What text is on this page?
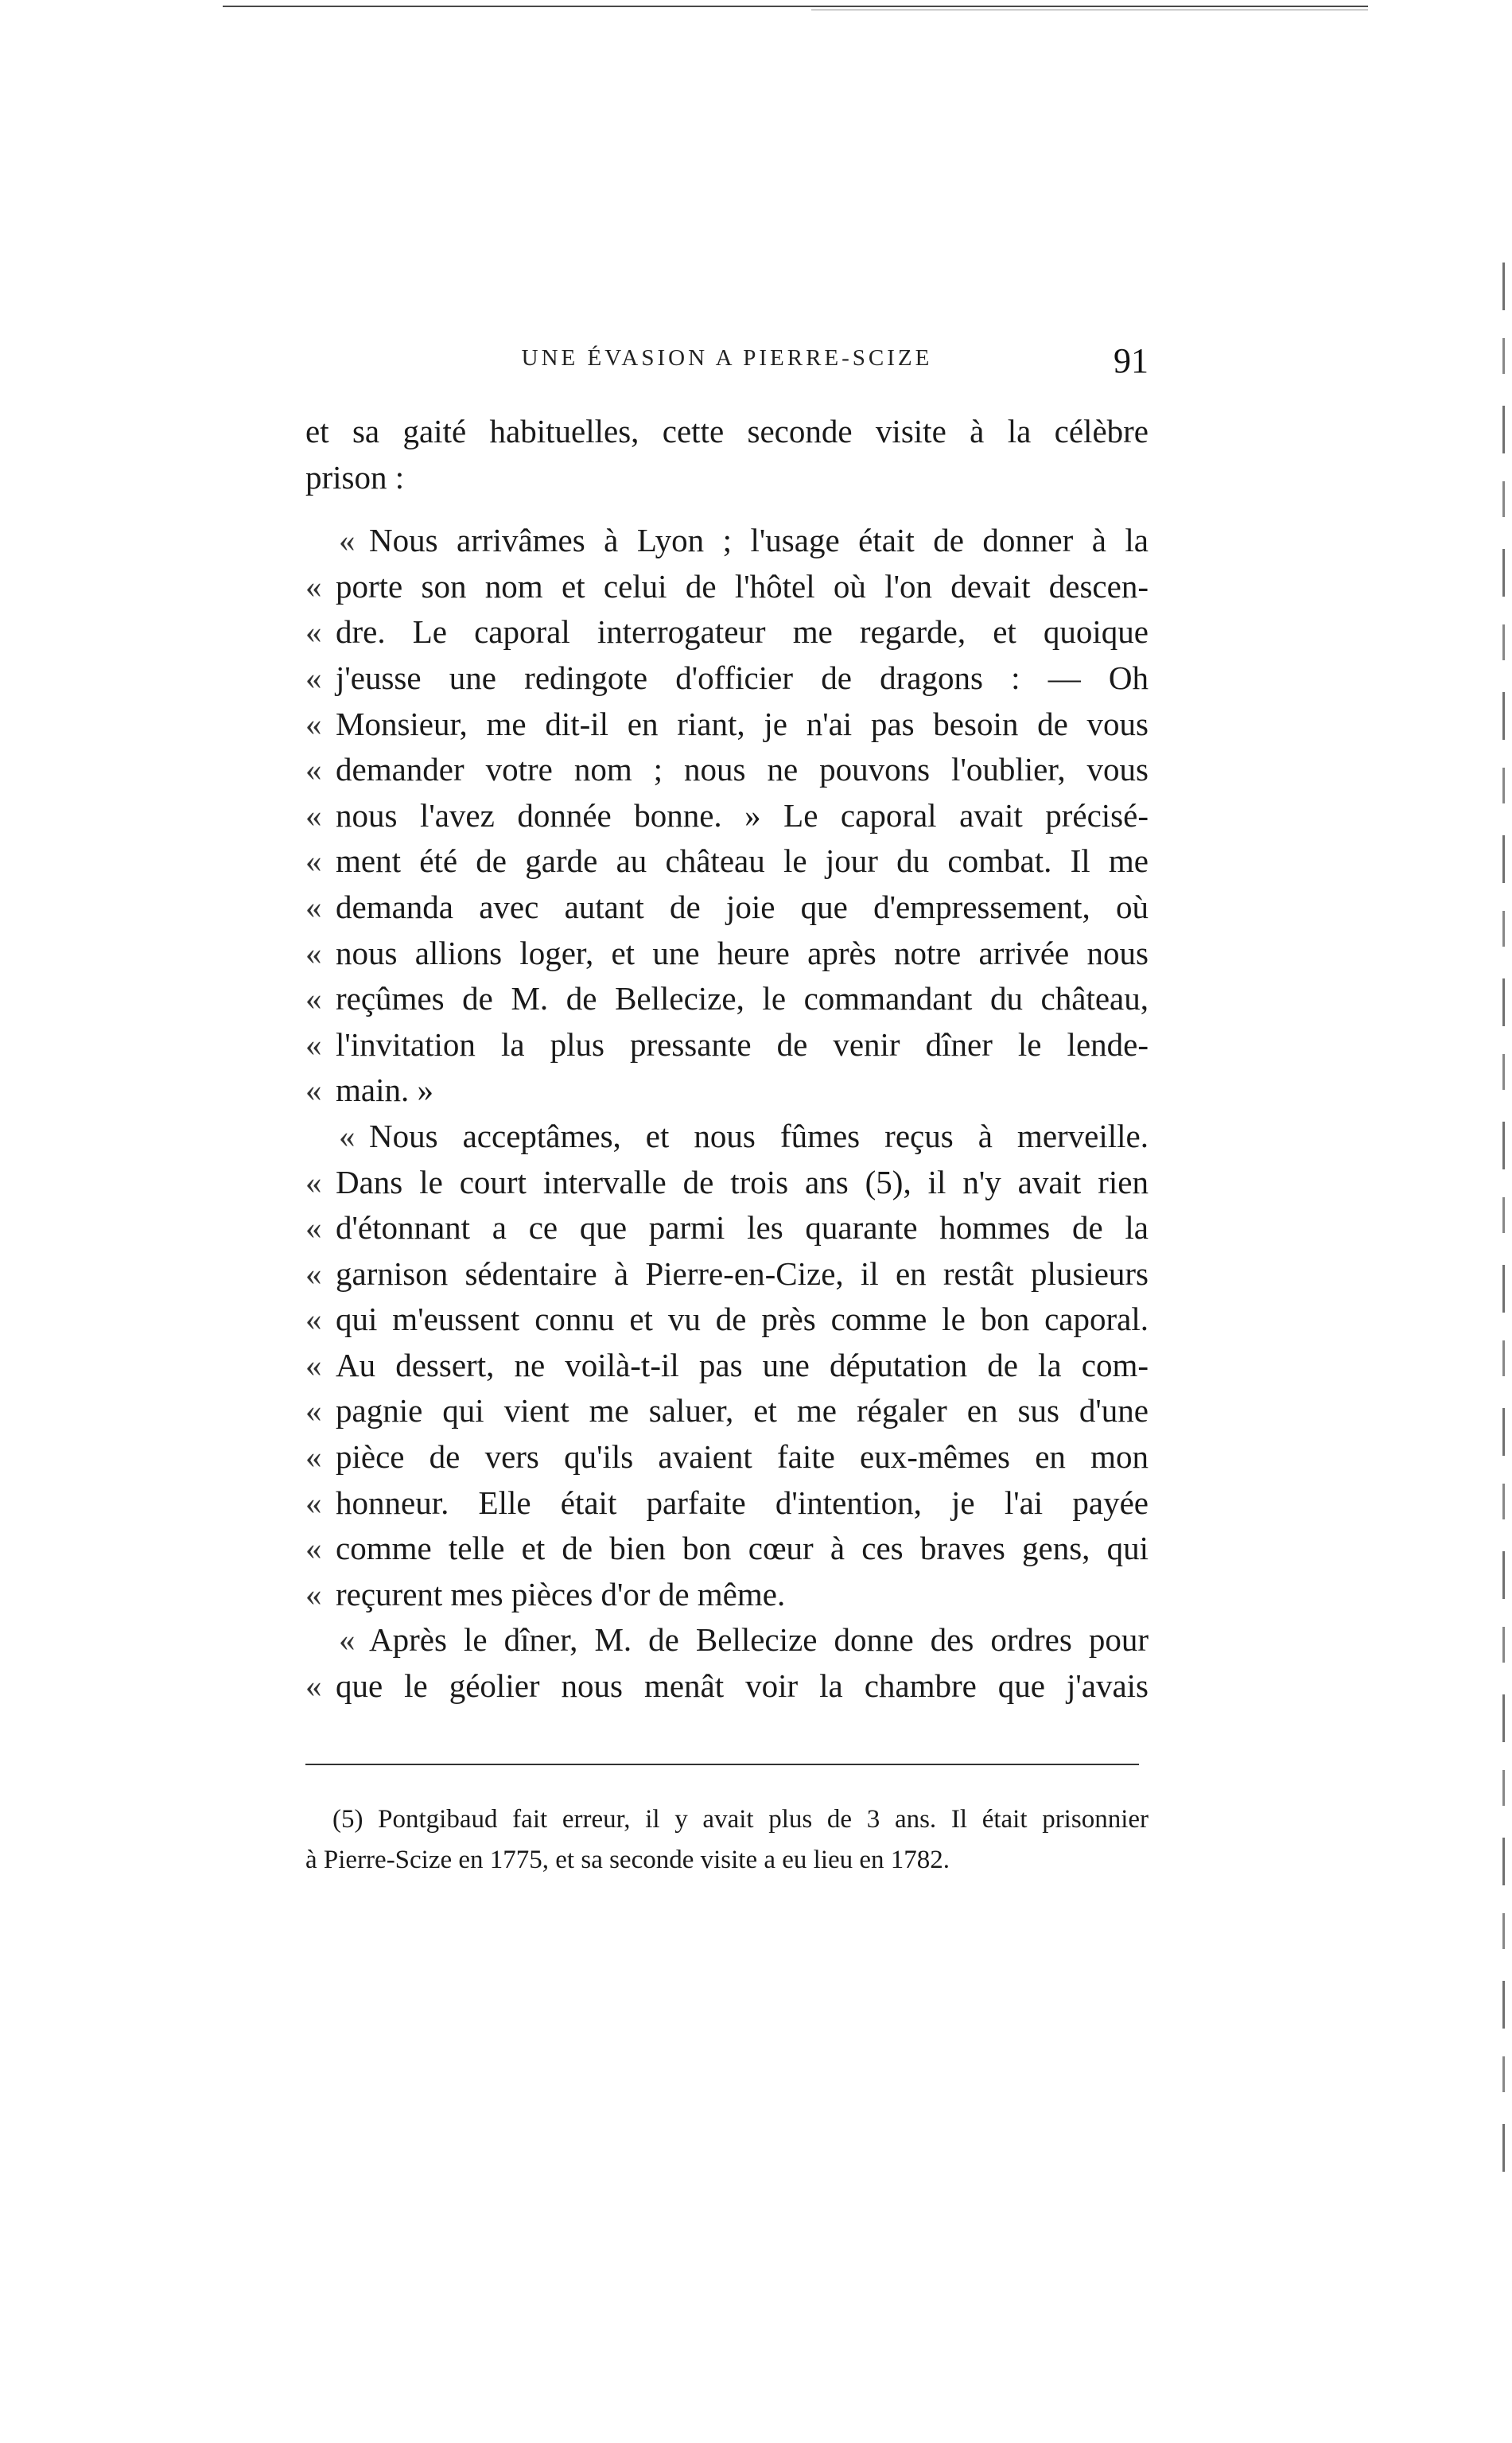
UNE ÉVASION A PIERRE-SCIZE	91
et sa gaité habituelles, cette seconde visite à la célèbre
prison :
« Nous arrivâmes à Lyon ; l'usage était de donner à la
« porte son nom et celui de l'hôtel où l'on devait descen-
« dre. Le caporal interrogateur me regarde, et quoique
« j'eusse une redingote d'officier de dragons : — Oh
« Monsieur, me dit-il en riant, je n'ai pas besoin de vous
« demander votre nom ; nous ne pouvons l'oublier, vous
« nous l'avez donnée bonne. » Le caporal avait précisé-
« ment été de garde au château le jour du combat. Il me
« demanda avec autant de joie que d'empressement, où
« nous allions loger, et une heure après notre arrivée nous
« reçûmes de M. de Bellecize, le commandant du château,
« l'invitation la plus pressante de venir dîner le lende-
« main. »
« Nous acceptâmes, et nous fûmes reçus à merveille.
« Dans le court intervalle de trois ans (5), il n'y avait rien
« d'étonnant a ce que parmi les quarante hommes de la
« garnison sédentaire à Pierre-en-Cize, il en restât plusieurs
« qui m'eussent connu et vu de près comme le bon caporal.
« Au dessert, ne voilà-t-il pas une députation de la com-
« pagnie qui vient me saluer, et me régaler en sus d'une
« pièce de vers qu'ils avaient faite eux-mêmes en mon
« honneur. Elle était parfaite d'intention, je l'ai payée
« comme telle et de bien bon cœur à ces braves gens, qui
« reçurent mes pièces d'or de même.
« Après le dîner, M. de Bellecize donne des ordres pour
« que le géolier nous menât voir la chambre que j'avais
(5) Pontgibaud fait erreur, il y avait plus de 3 ans. Il était prisonnier
à Pierre-Scize en 1775, et sa seconde visite a eu lieu en 1782.
